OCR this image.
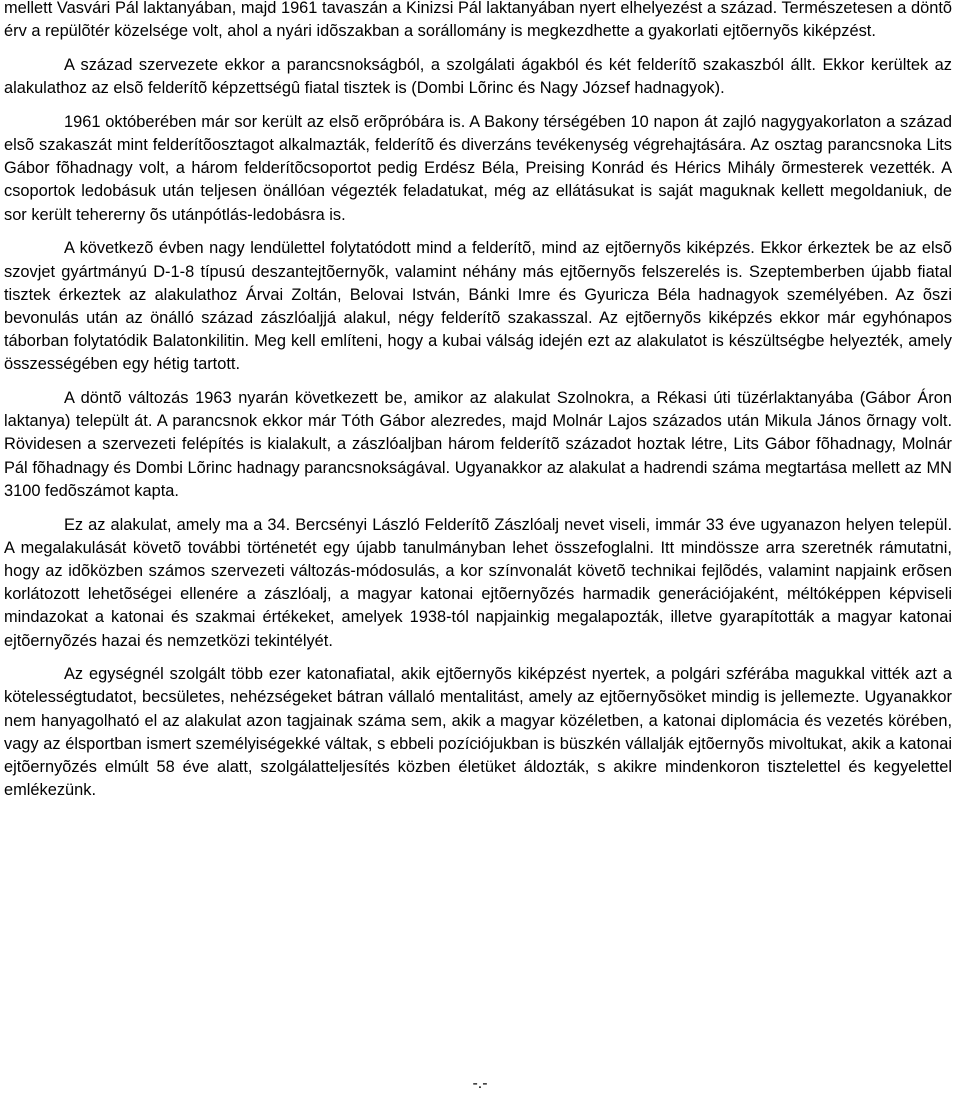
mellett Vasvári Pál laktanyában, majd 1961 tavaszán a Kinizsi Pál laktanyában nyert elhelyezést a század. Természetesen a döntõ érv a repülõtér közelsége volt, ahol a nyári idõszakban a sorállomány is megkezdhette a gyakorlati ejtõernyõs kiképzést.

A század szervezete ekkor a parancsnokságból, a szolgálati ágakból és két felderítõ szakaszból állt. Ekkor kerültek az alakulathoz az elsõ felderítõ képzettségû fiatal tisztek is (Dombi Lõrinc és Nagy József hadnagyok).

1961 októberében már sor került az elsõ erõpróbára is. A Bakony térségében 10 napon át zajló nagygyakorlaton a század elsõ szakaszát mint felderítõosztagot alkalmazták, felderítõ és diverzáns tevékenység végrehajtására. Az osztag parancsnoka Lits Gábor fõhadnagy volt, a három felderítõcsoportot pedig Erdész Béla, Preising Konrád és Hérics Mihály õrmesterek vezették. A csoportok ledobásuk után teljesen önállóan végezték feladatukat, még az ellátásukat is saját maguknak kellett megoldaniuk, de sor került tehererny õs utánpótlás-ledobásra is.

A következõ évben nagy lendülettel folytatódott mind a felderítõ, mind az ejtõernyõs kiképzés. Ekkor érkeztek be az elsõ szovjet gyártmányú D-1-8 típusú deszantejtõernyõk, valamint néhány más ejtõernyõs felszerelés is. Szeptemberben újabb fiatal tisztek érkeztek az alakulathoz Árvai Zoltán, Belovai István, Bánki Imre és Gyuricza Béla hadnagyok személyében. Az õszi bevonulás után az önálló század zászlóaljjá alakul, négy felderítõ szakasszal. Az ejtõernyõs kiképzés ekkor már egyhónapos táborban folytatódik Balatonkilitin. Meg kell említeni, hogy a kubai válság idején ezt az alakulatot is készültségbe helyezték, amely összességében egy hétig tartott.

A döntõ változás 1963 nyarán következett be, amikor az alakulat Szolnokra, a Rékasi úti tüzérlaktanyába (Gábor Áron laktanya) települt át. A parancsnok ekkor már Tóth Gábor alezredes, majd Molnár Lajos százados után Mikula János õrnagy volt. Rövidesen a szervezeti felépítés is kialakult, a zászlóaljban három felderítõ századot hoztak létre, Lits Gábor fõhadnagy, Molnár Pál fõhadnagy és Dombi Lõrinc hadnagy parancsnokságával. Ugyanakkor az alakulat a hadrendi száma megtartása mellett az MN 3100 fedõszámot kapta.

Ez az alakulat, amely ma a 34. Bercsényi László Felderítõ Zászlóalj nevet viseli, immár 33 éve ugyanazon helyen települ. A megalakulását követõ további történetét egy újabb tanulmányban lehet összefoglalni. Itt mindössze arra szeretnék rámutatni, hogy az idõközben számos szervezeti változás-módosulás, a kor színvonalát követõ technikai fejlõdés, valamint napjaink erõsen korlátozott lehetõségei ellenére a zászlóalj, a magyar katonai ejtõernyõzés harmadik generációjaként, méltóképpen képviseli mindazokat a katonai és szakmai értékeket, amelyek 1938-tól napjainkig megalapozták, illetve gyarapították a magyar katonai ejtõernyõzés hazai és nemzetközi tekintélyét.

Az egységnél szolgált több ezer katonafiatal, akik ejtõernyõs kiképzést nyertek, a polgári szférába magukkal vitték azt a kötelességtudatot, becsületes, nehézségeket bátran vállaló mentalitást, amely az ejtõernyõsöket mindig is jellemezte. Ugyanakkor nem hanyagolható el az alakulat azon tagjainak száma sem, akik a magyar közéletben, a katonai diplomácia és vezetés körében, vagy az élsportban ismert személyiségekké váltak, s ebbeli pozíciójukban is büszkén vállalják ejtõernyõs mivoltukat, akik a katonai ejtõernyõzés elmúlt 58 éve alatt, szolgálatteljesítés közben életüket áldozták, s akikre mindenkoron tisztelettel és kegyelettel emlékezünk.

-.-
